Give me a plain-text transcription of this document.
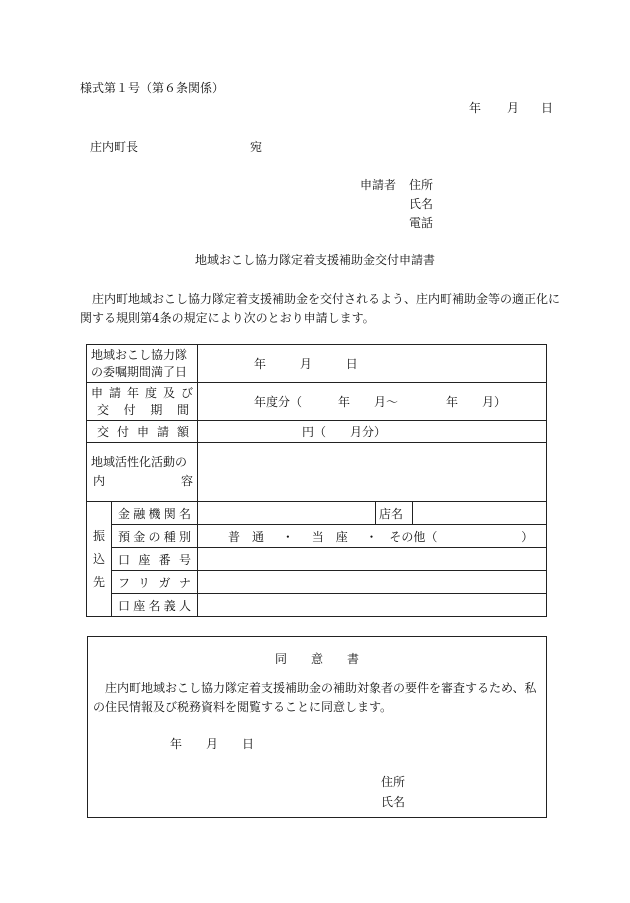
様式第１号（第６条関係）
年 月 日
庄内町長	宛
申請者 住所
氏名
電話
地域おこし協力隊定着支援補助金交付申請書
庄内町地域おこし協力隊定着支援補助金を交付されるよう、庄内町補助金等の適正化に
関する規則第4条の規定により次のとおり申請します。
地域おこし協力隊
の委嘱期間満了日		年 月 日		

申請年度及び
交付期間		年度分（　　　年　　月～　　　　年　　月）		

交付申請額		円（　　月分）		

地域活性化活動の
内 容				

振
込
先	金融機関名		店名	

	預金の種別	普　通 ・ 当　座 ・ その他（ ）		

	口座番号			

	フリガナ			

	口座名義人			

同　　意　　書
庄内町地域おこし協力隊定着支援補助金の補助対象者の要件を審査するため、私
の住民情報及び税務資料を閲覧することに同意します。
年 月 日
住所
氏名
